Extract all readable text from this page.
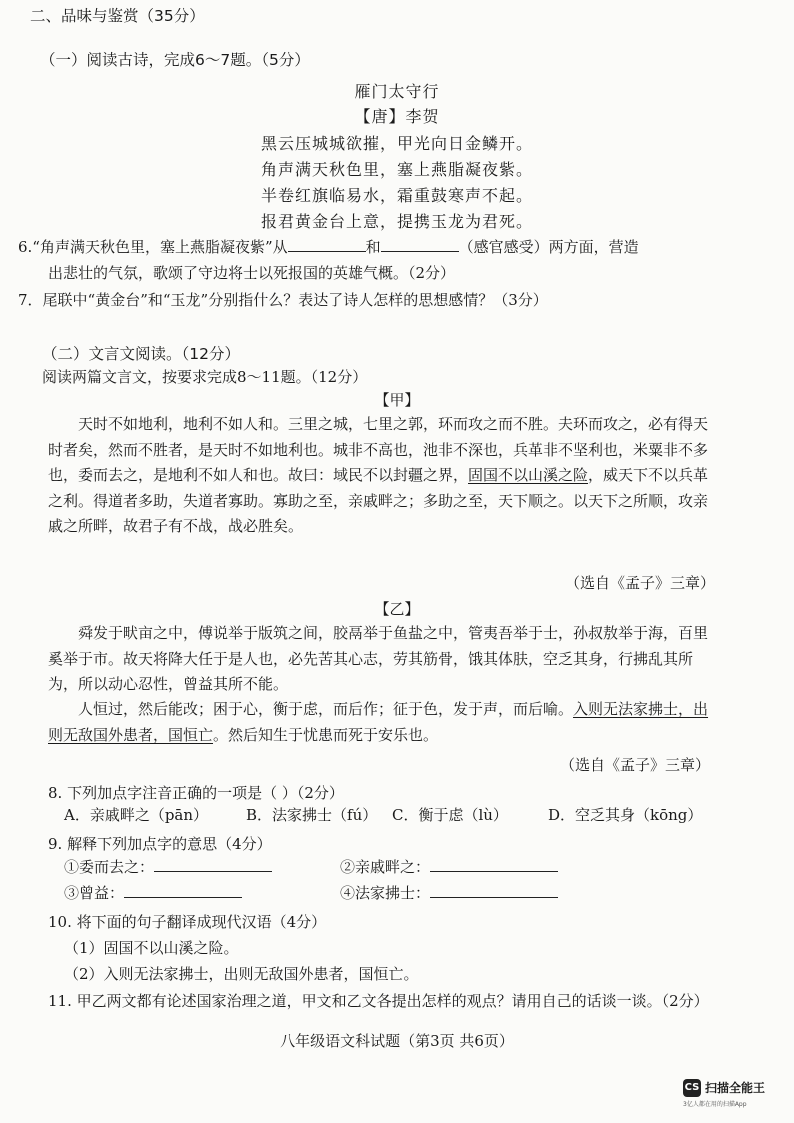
二、品味与鉴赏（35分）
（一）阅读古诗，完成6～7题。（5分）
雁门太守行
【唐】李贺
黑云压城城欲摧，甲光向日金鳞开。
角声满天秋色里，塞上燕脂凝夜紫。
半卷红旗临易水，霜重鼓寒声不起。
报君黄金台上意，提携玉龙为君死。
6.“角声满天秋色里，塞上燕脂凝夜紫”从	和	（感官感受）两方面，营造
出悲壮的气氛，歌颂了守边将士以死报国的英雄气概。（2分）
7．尾联中“黄金台”和“玉龙”分别指什么？表达了诗人怎样的思想感情？（3分）
（二）文言文阅读。（12分）
阅读两篇文言文，按要求完成8～11题。（12分）
【甲】
天时不如地利，地利不如人和。三里之城，七里之郭，环而攻之而不胜。夫环而攻之，必有得天时者矣，然而不胜者，是天时不如地利也。城非不高也，池非不深也，兵革非不坚利也，米粟非不多也，委而去之，是地利不如人和也。故曰：域民不以封疆之界，固国不以山溪之险，威天下不以兵革之利。得道者多助，失道者寡助。寡助之至，亲戚畔之；多助之至，天下顺之。以天下之所顺，攻亲戚之所畔，故君子有不战，战必胜矣。
（选自《孟子》三章）
【乙】
舜发于畎亩之中，傅说举于版筑之间，胶鬲举于鱼盐之中，管夷吾举于士，孙叔敖举于海，百里奚举于市。故天将降大任于是人也，必先苦其心志，劳其筋骨，饿其体肤，空乏其身，行拂乱其所为，所以动心忍性，曾益其所不能。
人恒过，然后能改；困于心，衡于虑，而后作；征于色，发于声，而后喻。入则无法家拂士，出则无敌国外患者，国恒亡。然后知生于忧患而死于安乐也。
（选自《孟子》三章）
8. 下列加点字注音正确的一项是（ ）（2分）
A．亲戚畔之（pān）	B．法家拂士（fú） C．衡于虑（lù）	D．空乏其身（kōng）
9. 解释下列加点字的意思（4分）
①委而去之：	②亲戚畔之：
③曾益：	④法家拂士：
10. 将下面的句子翻译成现代汉语（4分）
（1）固国不以山溪之险。
（2）入则无法家拂士，出则无敌国外患者，国恒亡。
11. 甲乙两文都有论述国家治理之道，甲文和乙文各提出怎样的观点？请用自己的话谈一谈。（2分）
八年级语文科试题（第3页 共6页）
CS 扫描全能王
3亿人都在用的扫描App
